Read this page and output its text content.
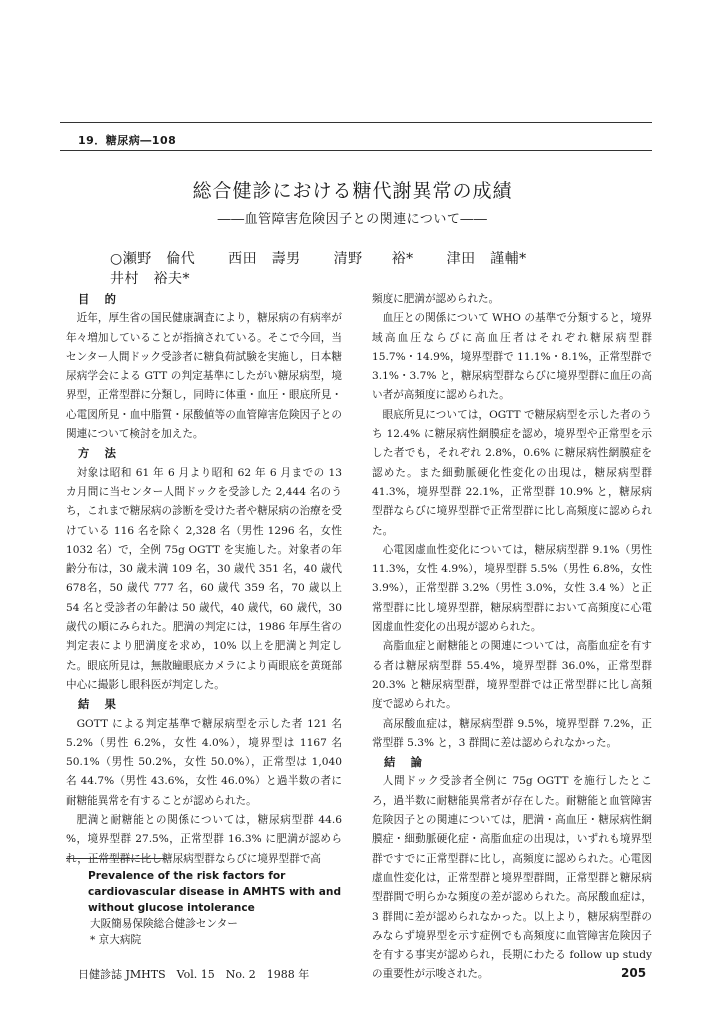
19．糖尿病―108
総合健診における糖代謝異常の成績
――血管障害危険因子との関連について――
○瀬野　倫代 西田　壽男 清野　　裕* 津田　謹輔* 井村　裕夫*
目　的

近年，厚生省の国民健康調査により，糖尿病の有病率が年々増加していることが指摘されている。そこで今回，当センター人間ドック受診者に糖負荷試験を実施し，日本糖尿病学会による GTT の判定基準にしたがい糖尿病型，境界型，正常型群に分類し，同時に体重・血圧・眼底所見・心電図所見・血中脂質・尿酸値等の血管障害危険因子との関連について検討を加えた。

方　法

対象は昭和 61 年 6 月より昭和 62 年 6 月までの 13 カ月間に当センター人間ドックを受診した 2,444 名のうち，これまで糖尿病の診断を受けた者や糖尿病の治療を受けている 116 名を除く 2,328 名（男性 1296 名，女性 1032 名）で，全例 75g OGTT を実施した。対象者の年齢分布は，30 歳未満 109 名，30 歳代 351 名，40 歳代 678名，50 歳代 777 名，60 歳代 359 名，70 歳以上 54 名と受診者の年齢は 50 歳代，40 歳代，60 歳代，30 歳代の順にみられた。肥満の判定には，1986 年厚生省の判定表により肥満度を求め，10% 以上を肥満と判定した。眼底所見は，無散瞳眼底カメラにより両眼底を黄斑部中心に撮影し眼科医が判定した。

結　果

GOTT による判定基準で糖尿病型を示した者 121 名 5.2%（男性 6.2%，女性 4.0%），境界型は 1167 名 50.1%（男性 50.2%，女性 50.0%），正常型は 1,040 名 44.7%（男性 43.6%，女性 46.0%）と過半数の者に耐糖能異常を有することが認められた。

肥満と耐糖能との関係については，糖尿病型群 44.6 %，境界型群 27.5%，正常型群 16.3% に肥満が認められ，正常型群に比し糖尿病型群ならびに境界型群で高

頻度に肥満が認められた。

血圧との関係について WHO の基準で分類すると，境界域高血圧ならびに高血圧者はそれぞれ糖尿病型群 15.7%・14.9%，境界型群で 11.1%・8.1%，正常型群で 3.1%・3.7% と，糖尿病型群ならびに境界型群に血圧の高い者が高頻度に認められた。

眼底所見については，OGTT で糖尿病型を示した者のうち 12.4% に糖尿病性網膜症を認め，境界型や正常型を示した者でも，それぞれ 2.8%，0.6% に糖尿病性網膜症を認めた。また細動脈硬化性変化の出現は，糖尿病型群 41.3%，境界型群 22.1%，正常型群 10.9% と，糖尿病型群ならびに境界型群で正常型群に比し高頻度に認められた。

心電図虚血性変化については，糖尿病型群 9.1%（男性 11.3%，女性 4.9%），境界型群 5.5%（男性 6.8%，女性 3.9%），正常型群 3.2%（男性 3.0%，女性 3.4 %）と正常型群に比し境界型群，糖尿病型群において高頻度に心電図虚血性変化の出現が認められた。

高脂血症と耐糖能との関連については，高脂血症を有する者は糖尿病型群 55.4%，境界型群 36.0%，正常型群 20.3% と糖尿病型群，境界型群では正常型群に比し高頻度で認められた。

高尿酸血症は，糖尿病型群 9.5%，境界型群 7.2%，正常型群 5.3% と，3 群間に差は認められなかった。

結　論

人間ドック受診者全例に 75g OGTT を施行したところ，過半数に耐糖能異常者が存在した。耐糖能と血管障害危険因子との関連については，肥満・高血圧・糖尿病性網膜症・細動脈硬化症・高脂血症の出現は，いずれも境界型群ですでに正常型群に比し，高頻度に認められた。心電図虚血性変化は，正常型群と境界型群間，正常型群と糖尿病型群間で明らかな頻度の差が認められた。高尿酸血症は，3 群間に差が認められなかった。以上より，糖尿病型群のみならず境界型を示す症例でも高頻度に血管障害危険因子を有する事実が認められ，長期にわたる follow up study の重要性が示唆された。

Prevalence of the risk factors for cardiovascular disease in AMHTS with and without glucose intolerance
大阪簡易保険総合健診センター
* 京大病院
日健診誌 JMHTS　Vol. 15　No. 2　1988 年	205
